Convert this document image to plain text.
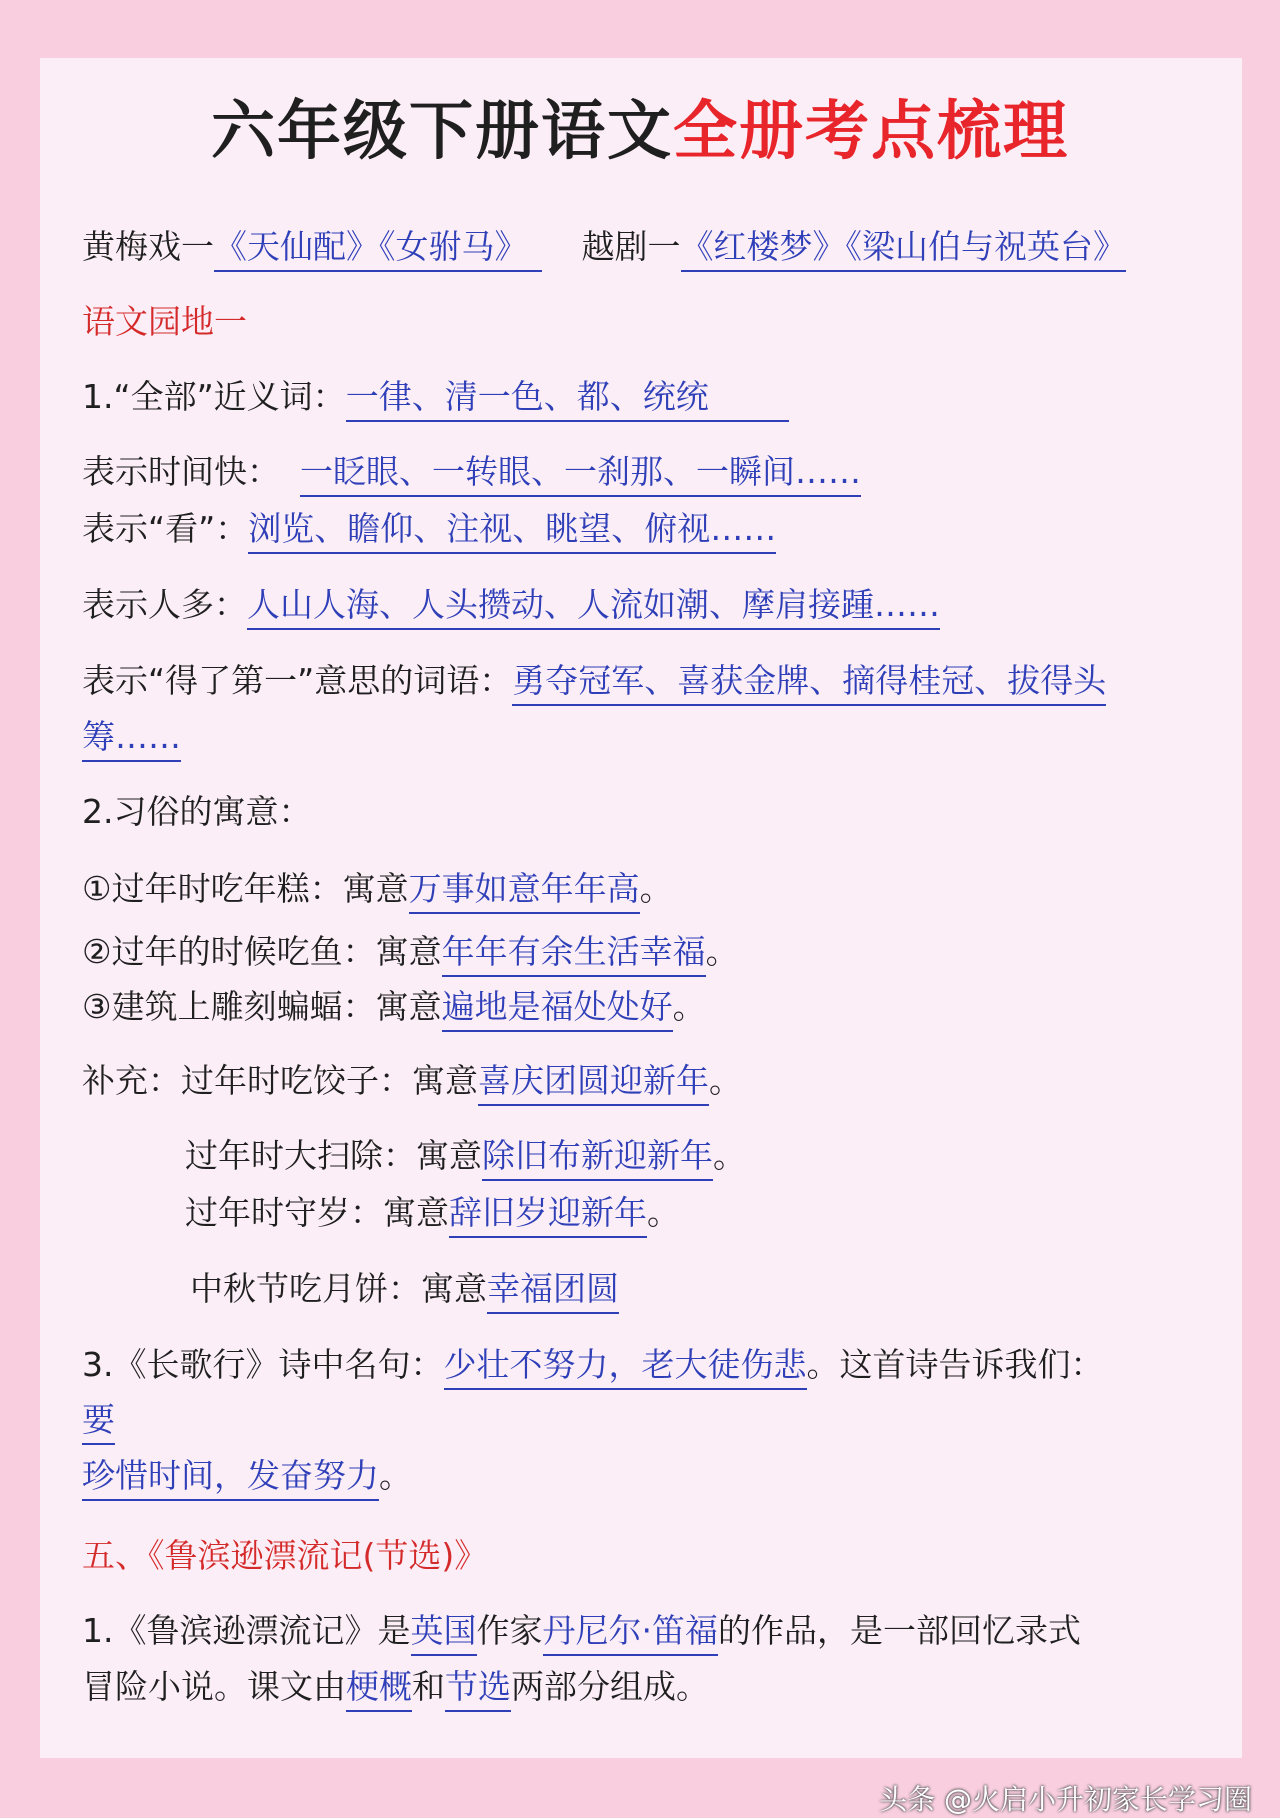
六年级下册语文全册考点梳理
黄梅戏一《天仙配》《女驸马》 越剧一《红楼梦》《梁山伯与祝英台》
语文园地一
1.“全部”近义词：一律、清一色、都、统统
表示时间快： 一眨眼、一转眼、一刹那、一瞬间……
表示“看”：浏览、瞻仰、注视、眺望、俯视……
表示人多：人山人海、人头攒动、人流如潮、摩肩接踵……
表示“得了第一”意思的词语：勇夺冠军、喜获金牌、摘得桂冠、拔得头
筹……
2.习俗的寓意：
①过年时吃年糕：寓意万事如意年年高。
②过年的时候吃鱼：寓意年年有余生活幸福。
③建筑上雕刻蝙蝠：寓意遍地是福处处好。
补充：过年时吃饺子：寓意喜庆团圆迎新年。
过年时大扫除：寓意除旧布新迎新年。
过年时守岁：寓意辞旧岁迎新年。
中秋节吃月饼：寓意幸福团圆
3.《长歌行》诗中名句：少壮不努力，老大徒伤悲。这首诗告诉我们：
要
珍惜时间，发奋努力。
五、《鲁滨逊漂流记(节选)》
1.《鲁滨逊漂流记》是英国作家丹尼尔·笛福的作品，是一部回忆录式
冒险小说。课文由梗概和节选两部分组成。
头条 @火启小升初家长学习圈
